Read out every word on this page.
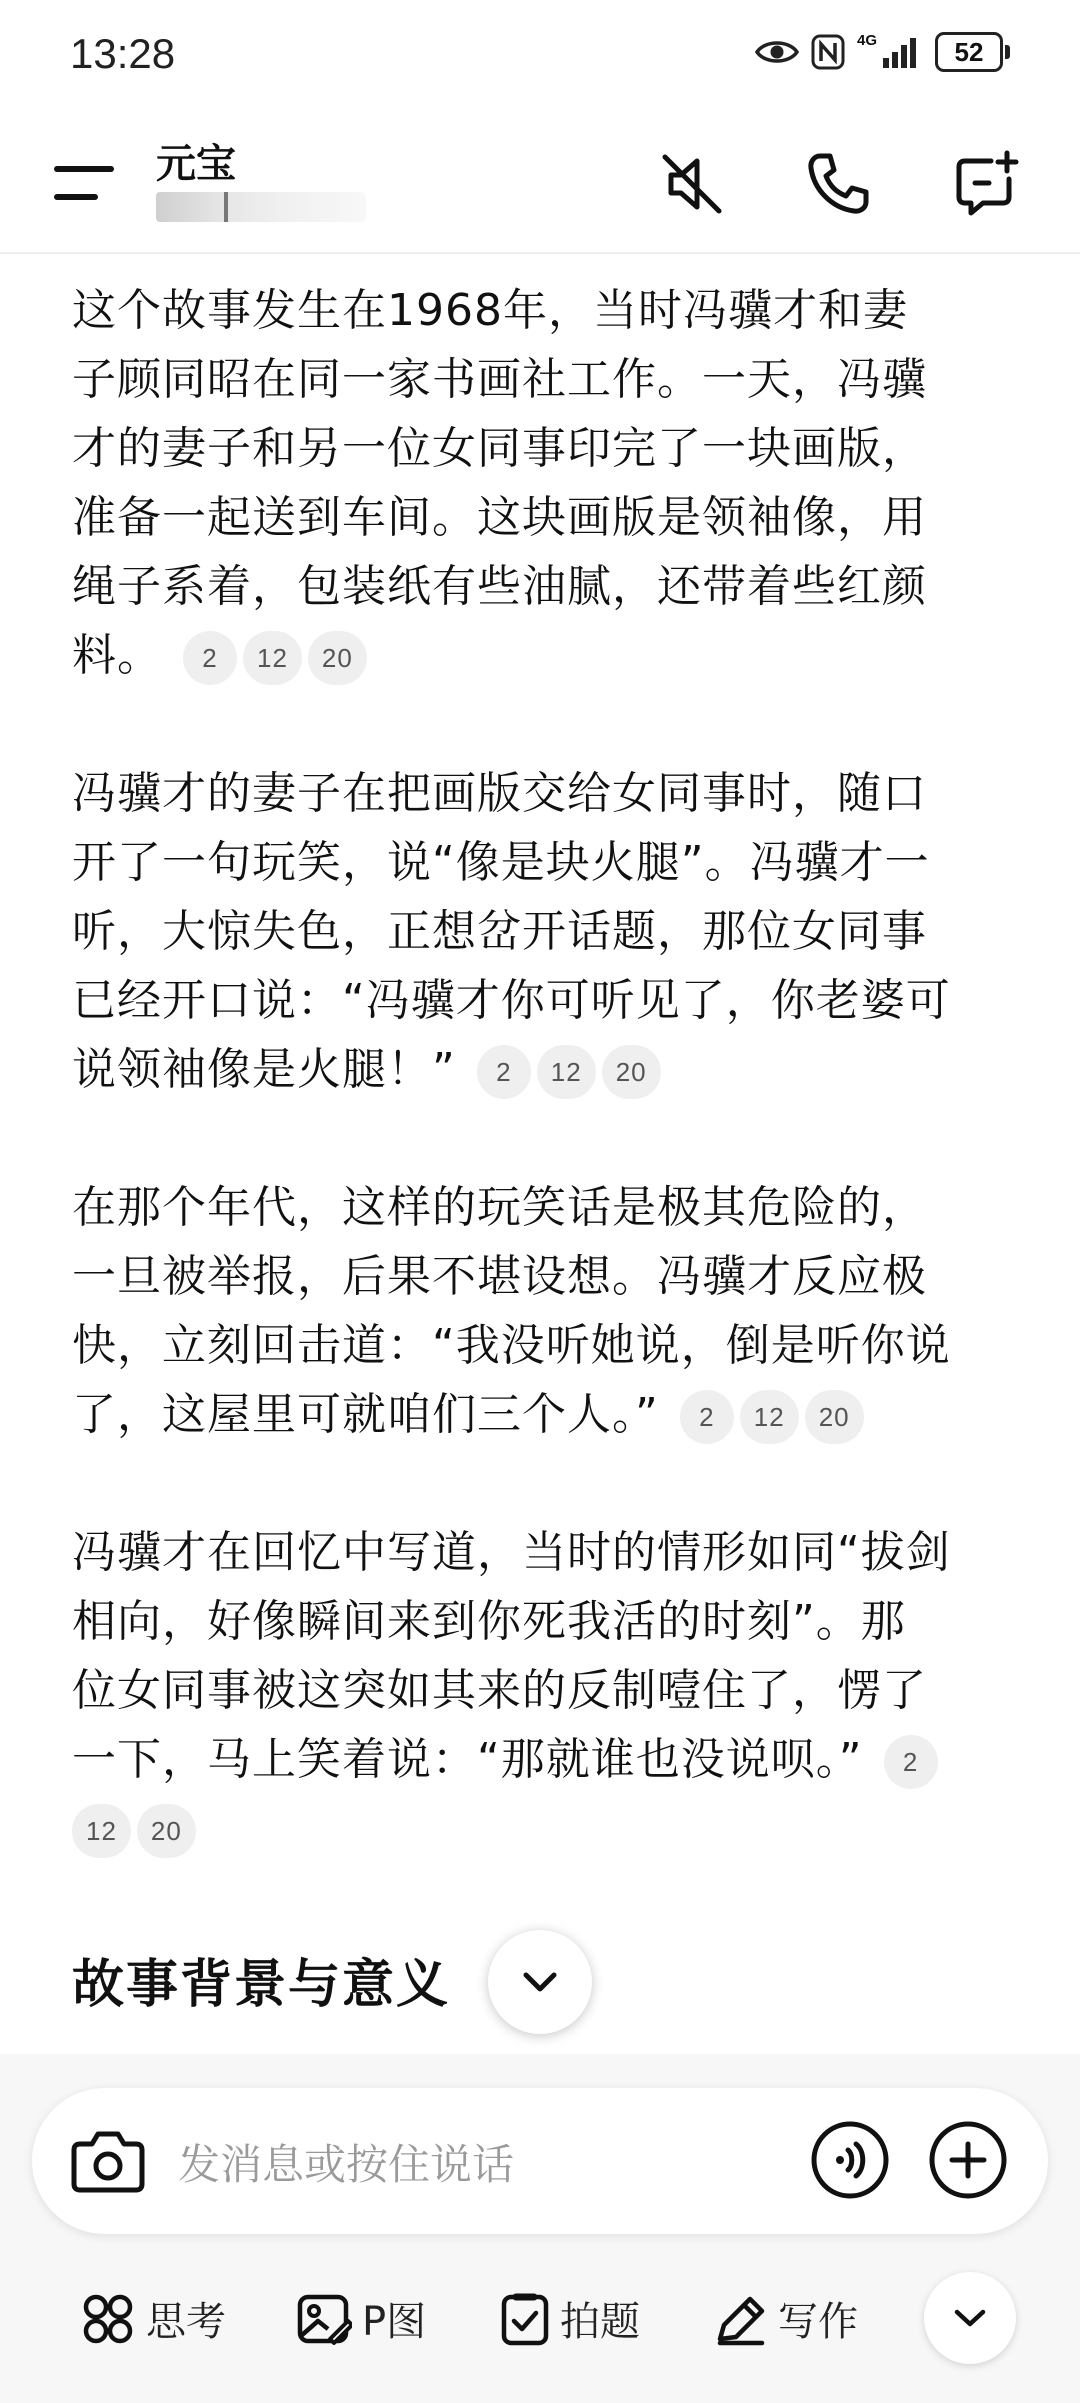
13:28	4G	52
元宝
这个故事发生在1968年，当时冯骥才和妻
子顾同昭在同一家书画社工作。一天，冯骥
才的妻子和另一位女同事印完了一块画版，
准备一起送到车间。这块画版是领袖像，用
绳子系着，包装纸有些油腻，还带着些红颜
料。 2 12 20
冯骥才的妻子在把画版交给女同事时，随口
开了一句玩笑，说“像是块火腿”。冯骥才一
听，大惊失色，正想岔开话题，那位女同事
已经开口说：“冯骥才你可听见了，你老婆可
说领袖像是火腿！” 2 12 20
在那个年代，这样的玩笑话是极其危险的，
一旦被举报，后果不堪设想。冯骥才反应极
快，立刻回击道：“我没听她说，倒是听你说
了，这屋里可就咱们三个人。” 2 12 20
冯骥才在回忆中写道，当时的情形如同“拔剑
相向，好像瞬间来到你死我活的时刻”。那
位女同事被这突如其来的反制噎住了，愣了
一下，马上笑着说：“那就谁也没说呗。” 2
12 20
故事背景与意义
发消息或按住说话
思考	P图	拍题	写作
